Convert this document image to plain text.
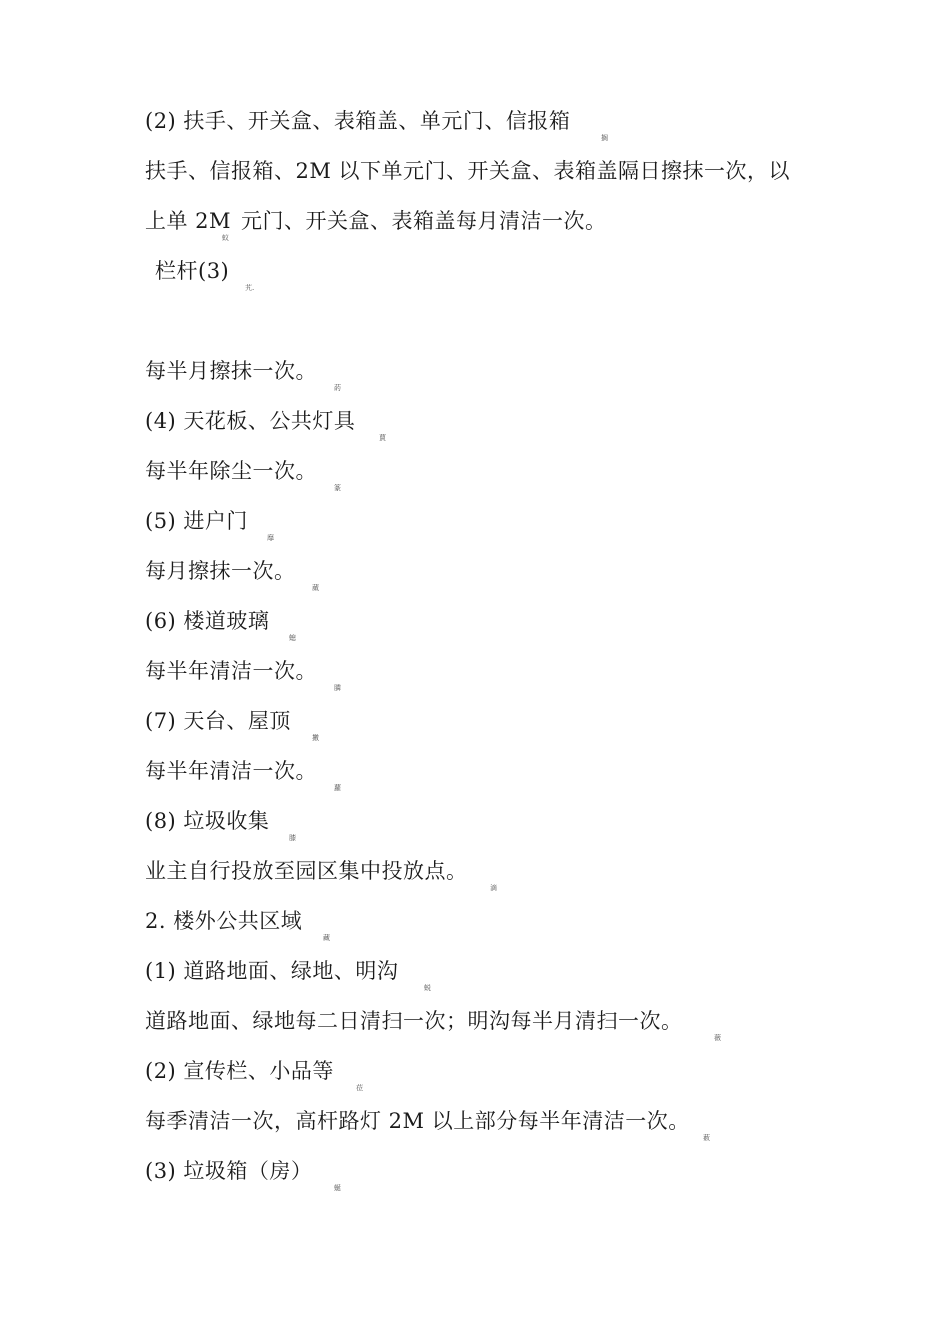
(2) 扶手、开关盒、表箱盖、单元门、信报箱
扶手、信报箱、2M 以下单元门、开关盒、表箱盖隔日擦抹一次，以
上单 2M 元门、开关盒、表箱盖每月清洁一次。
栏杆(3)
每半月擦抹一次。
(4) 天花板、公共灯具
每半年除尘一次。
(5) 进户门
每月擦抹一次。
(6) 楼道玻璃
每半年清洁一次。
(7) 天台、屋顶
每半年清洁一次。
(8) 垃圾收集
业主自行投放至园区集中投放点。
2. 楼外公共区域
(1) 道路地面、绿地、明沟
道路地面、绿地每二日清扫一次；明沟每半月清扫一次。
(2) 宣传栏、小品等
每季清洁一次，高杆路灯 2M 以上部分每半年清洁一次。
(3) 垃圾箱（房）
搁
蚁
艽.
菂
蕒
篆
靡
蕆
螅
膦
擻
蘿
膝
滴
藏
蜕
薇
莅
薮
蜒
